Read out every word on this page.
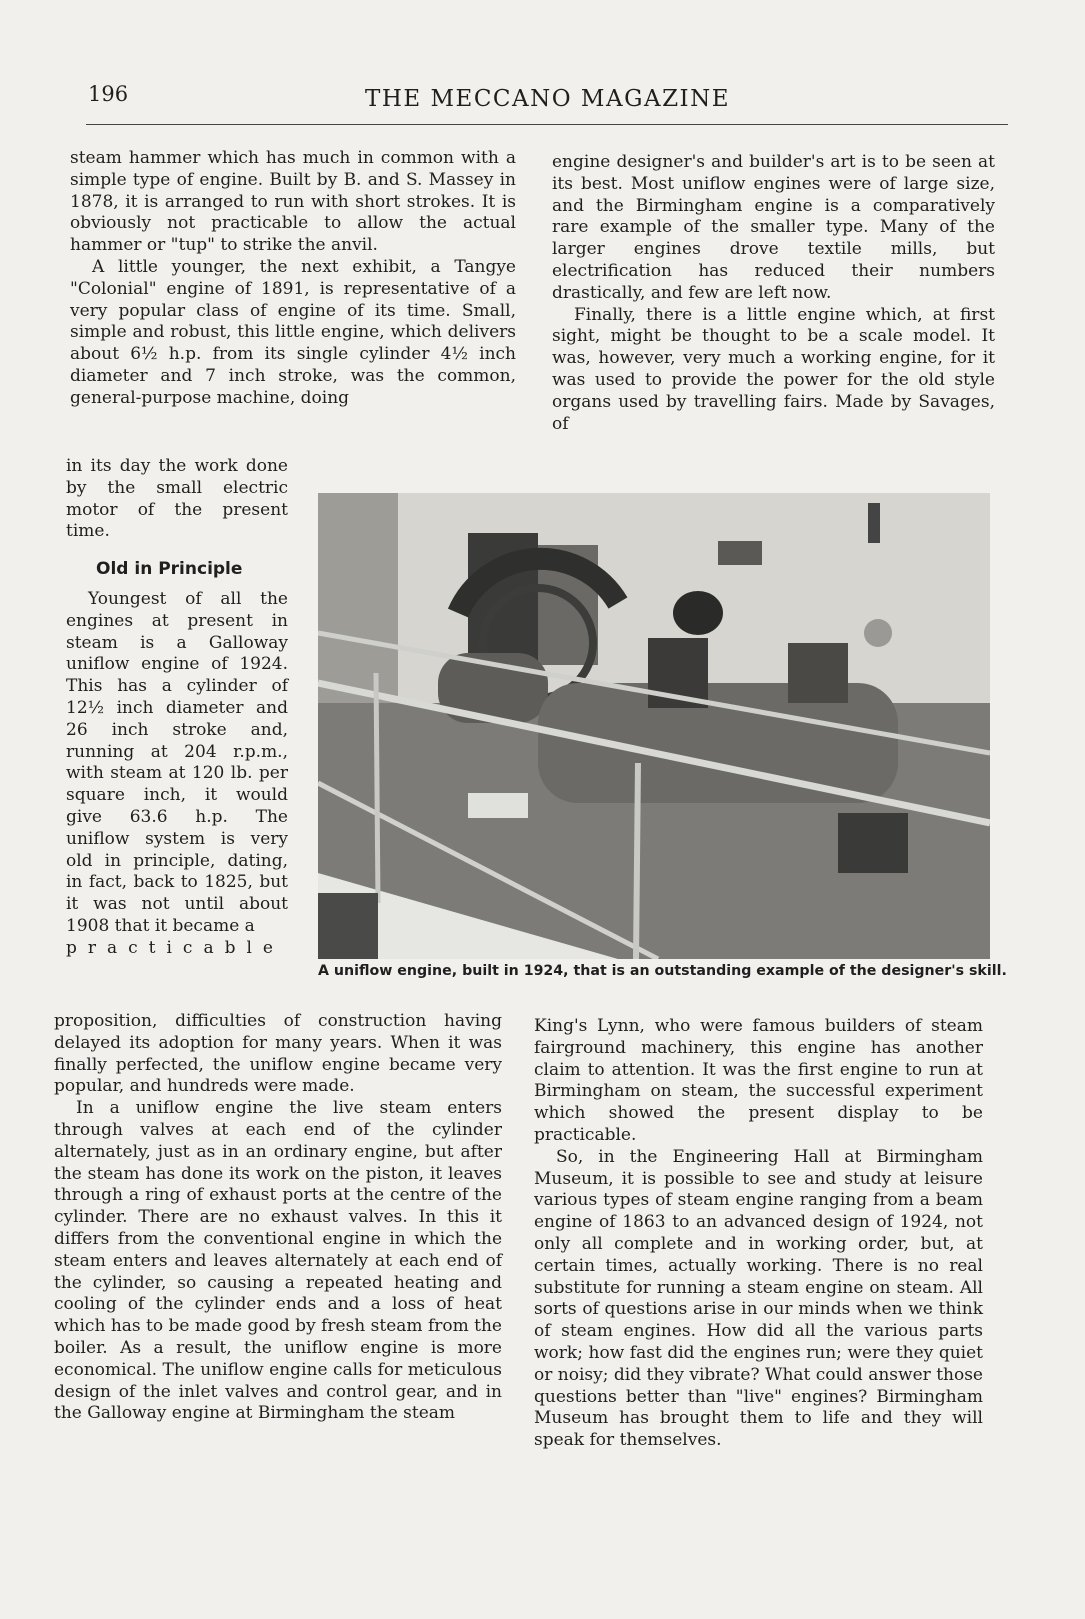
196	THE MECCANO MAGAZINE

steam hammer which has much in common with a simple type of engine. Built by B. and S. Massey in 1878, it is arranged to run with short strokes. It is obviously not practicable to allow the actual hammer or "tup" to strike the anvil.

A little younger, the next exhibit, a Tangye "Colonial" engine of 1891, is representative of a very popular class of engine of its time. Small, simple and robust, this little engine, which delivers about 6½ h.p. from its single cylinder 4½ inch diameter and 7 inch stroke, was the common, general-purpose machine, doing

engine designer's and builder's art is to be seen at its best. Most uniflow engines were of large size, and the Birmingham engine is a comparatively rare example of the smaller type. Many of the larger engines drove textile mills, but electrification has reduced their numbers drastically, and few are left now.

Finally, there is a little engine which, at first sight, might be thought to be a scale model. It was, however, very much a working engine, for it was used to provide the power for the old style organs used by travelling fairs. Made by Savages, of

in its day the work done by the small electric motor of the present time.

Old in Principle

Youngest of all the engines at present in steam is a Galloway uniflow engine of 1924. This has a cylinder of 12½ inch diameter and 26 inch stroke and, running at 204 r.p.m., with steam at 120 lb. per square inch, it would give 63.6 h.p. The uniflow system is very old in principle, dating, in fact, back to 1825, but it was not until about 1908 that it became a

practicable

A uniflow engine, built in 1924, that is an outstanding example of the designer's skill.

proposition, difficulties of construction having delayed its adoption for many years. When it was finally perfected, the uniflow engine became very popular, and hundreds were made.

In a uniflow engine the live steam enters through valves at each end of the cylinder alternately, just as in an ordinary engine, but after the steam has done its work on the piston, it leaves through a ring of exhaust ports at the centre of the cylinder. There are no exhaust valves. In this it differs from the conventional engine in which the steam enters and leaves alternately at each end of the cylinder, so causing a repeated heating and cooling of the cylinder ends and a loss of heat which has to be made good by fresh steam from the boiler. As a result, the uniflow engine is more economical. The uniflow engine calls for meticulous design of the inlet valves and control gear, and in the Galloway engine at Birmingham the steam

King's Lynn, who were famous builders of steam fairground machinery, this engine has another claim to attention. It was the first engine to run at Birmingham on steam, the successful experiment which showed the present display to be practicable.

So, in the Engineering Hall at Birmingham Museum, it is possible to see and study at leisure various types of steam engine ranging from a beam engine of 1863 to an advanced design of 1924, not only all complete and in working order, but, at certain times, actually working. There is no real substitute for running a steam engine on steam. All sorts of questions arise in our minds when we think of steam engines. How did all the various parts work; how fast did the engines run; were they quiet or noisy; did they vibrate? What could answer those questions better than "live" engines? Birmingham Museum has brought them to life and they will speak for themselves.
